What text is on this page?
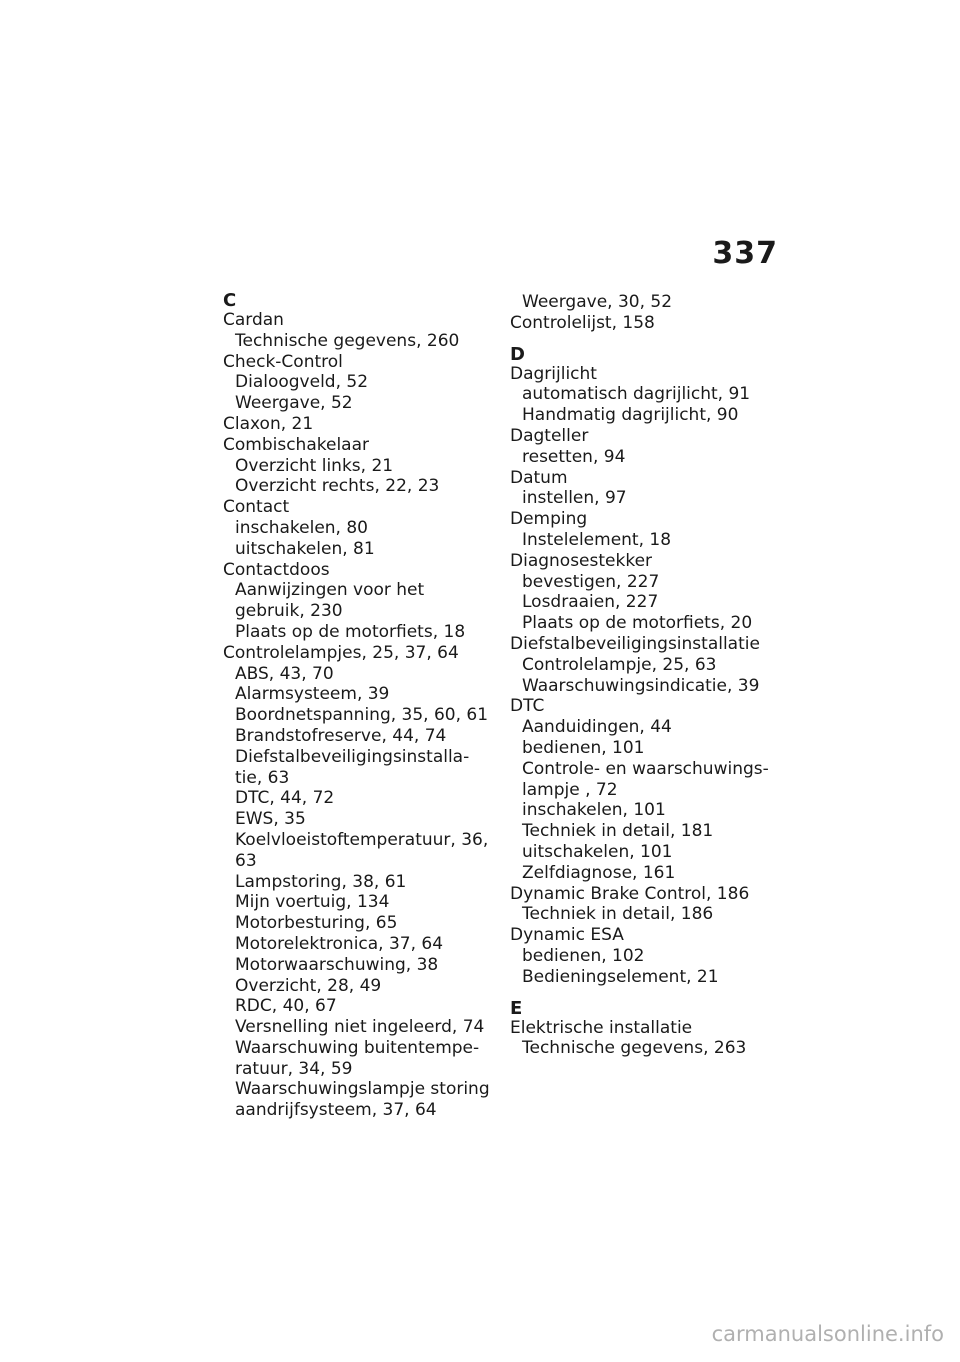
337
C
Cardan
Technische gegevens, 260
Check-Control
Dialoogveld, 52
Weergave, 52
Claxon, 21
Combischakelaar
Overzicht links, 21
Overzicht rechts, 22, 23
Contact
inschakelen, 80
uitschakelen, 81
Contactdoos
Aanwijzingen voor het
gebruik, 230
Plaats op de motorfiets, 18
Controlelampjes, 25, 37, 64
ABS, 43, 70
Alarmsysteem, 39
Boordnetspanning, 35, 60, 61
Brandstofreserve, 44, 74
Diefstalbeveiligingsinstalla-
tie, 63
DTC, 44, 72
EWS, 35
Koelvloeistoftemperatuur, 36,
63
Lampstoring, 38, 61
Mijn voertuig, 134
Motorbesturing, 65
Motorelektronica, 37, 64
Motorwaarschuwing, 38
Overzicht, 28, 49
RDC, 40, 67
Versnelling niet ingeleerd, 74
Waarschuwing buitentempe-
ratuur, 34, 59
Waarschuwingslampje storing
aandrijfsysteem, 37, 64
Weergave, 30, 52
Controlelijst, 158
D
Dagrijlicht
automatisch dagrijlicht, 91
Handmatig dagrijlicht, 90
Dagteller
resetten, 94
Datum
instellen, 97
Demping
Instelelement, 18
Diagnosestekker
bevestigen, 227
Losdraaien, 227
Plaats op de motorfiets, 20
Diefstalbeveiligingsinstallatie
Controlelampje, 25, 63
Waarschuwingsindicatie, 39
DTC
Aanduidingen, 44
bedienen, 101
Controle- en waarschuwings-
lampje , 72
inschakelen, 101
Techniek in detail, 181
uitschakelen, 101
Zelfdiagnose, 161
Dynamic Brake Control, 186
Techniek in detail, 186
Dynamic ESA
bedienen, 102
Bedieningselement, 21
E
Elektrische installatie
Technische gegevens, 263
carmanualsonline.info
